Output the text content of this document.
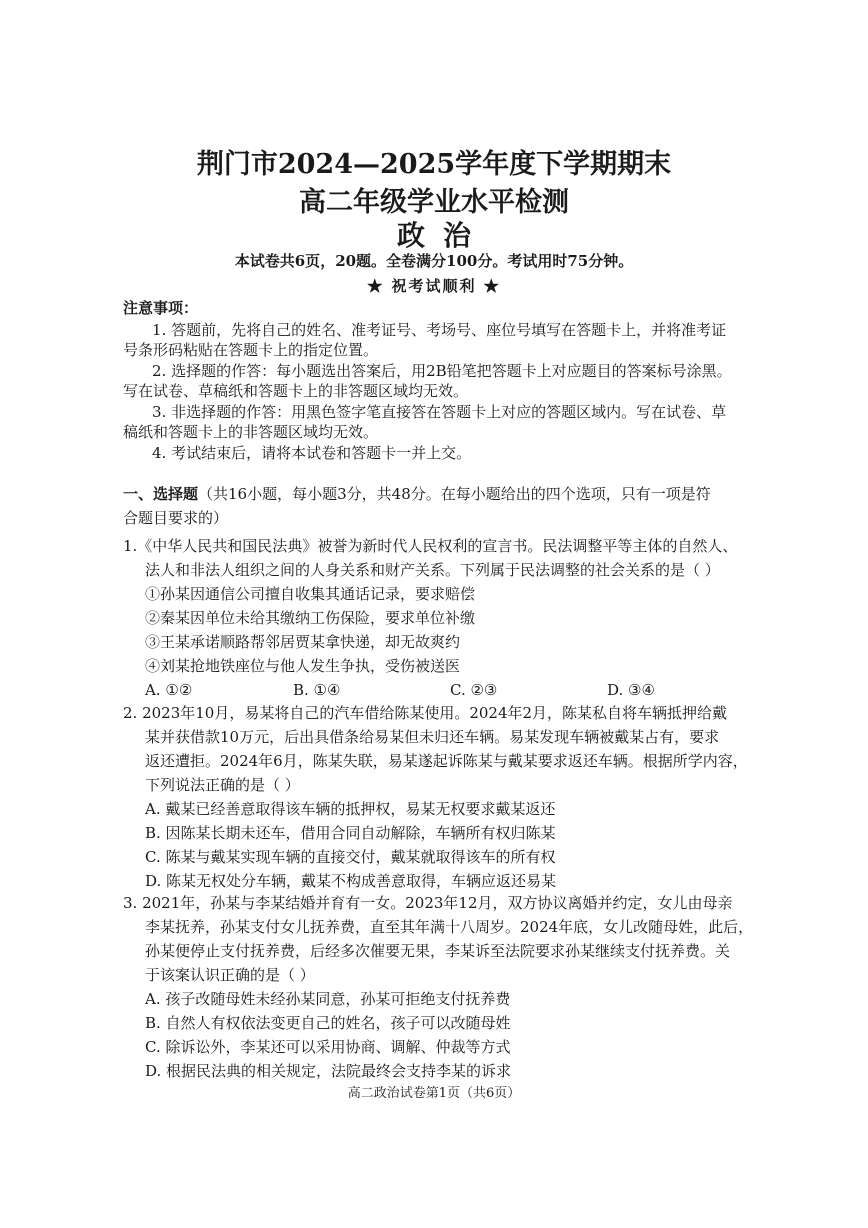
荆门市2024—2025学年度下学期期末
高二年级学业水平检测
政治
本试卷共6页，20题。全卷满分100分。考试用时75分钟。
★ 祝考试顺利 ★
注意事项：
1. 答题前，先将自己的姓名、准考证号、考场号、座位号填写在答题卡上，并将准考证
号条形码粘贴在答题卡上的指定位置。
2. 选择题的作答：每小题选出答案后，用2B铅笔把答题卡上对应题目的答案标号涂黑。
写在试卷、草稿纸和答题卡上的非答题区域均无效。
3. 非选择题的作答：用黑色签字笔直接答在答题卡上对应的答题区域内。写在试卷、草
稿纸和答题卡上的非答题区域均无效。
4. 考试结束后，请将本试卷和答题卡一并上交。
一、选择题（共16小题，每小题3分，共48分。在每小题给出的四个选项，只有一项是符
合题目要求的）
1.《中华人民共和国民法典》被誉为新时代人民权利的宣言书。民法调整平等主体的自然人、
法人和非法人组织之间的人身关系和财产关系。下列属于民法调整的社会关系的是（ ）
①孙某因通信公司擅自收集其通话记录，要求赔偿
②秦某因单位未给其缴纳工伤保险，要求单位补缴
③王某承诺顺路帮邻居贾某拿快递，却无故爽约
④刘某抢地铁座位与他人发生争执，受伤被送医
A. ①②	B. ①④	C. ②③	D. ③④
2. 2023年10月，易某将自己的汽车借给陈某使用。2024年2月，陈某私自将车辆抵押给戴
某并获借款10万元，后出具借条给易某但未归还车辆。易某发现车辆被戴某占有，要求
返还遭拒。2024年6月，陈某失联，易某遂起诉陈某与戴某要求返还车辆。根据所学内容，
下列说法正确的是（ ）
A. 戴某已经善意取得该车辆的抵押权，易某无权要求戴某返还
B. 因陈某长期未还车，借用合同自动解除，车辆所有权归陈某
C. 陈某与戴某实现车辆的直接交付，戴某就取得该车的所有权
D. 陈某无权处分车辆，戴某不构成善意取得，车辆应返还易某
3. 2021年，孙某与李某结婚并育有一女。2023年12月，双方协议离婚并约定，女儿由母亲
李某抚养，孙某支付女儿抚养费，直至其年满十八周岁。2024年底，女儿改随母姓，此后，
孙某便停止支付抚养费，后经多次催要无果，李某诉至法院要求孙某继续支付抚养费。关
于该案认识正确的是（ ）
A. 孩子改随母姓未经孙某同意，孙某可拒绝支付抚养费
B. 自然人有权依法变更自己的姓名，孩子可以改随母姓
C. 除诉讼外，李某还可以采用协商、调解、仲裁等方式
D. 根据民法典的相关规定，法院最终会支持李某的诉求
高二政治试卷第1页（共6页）
